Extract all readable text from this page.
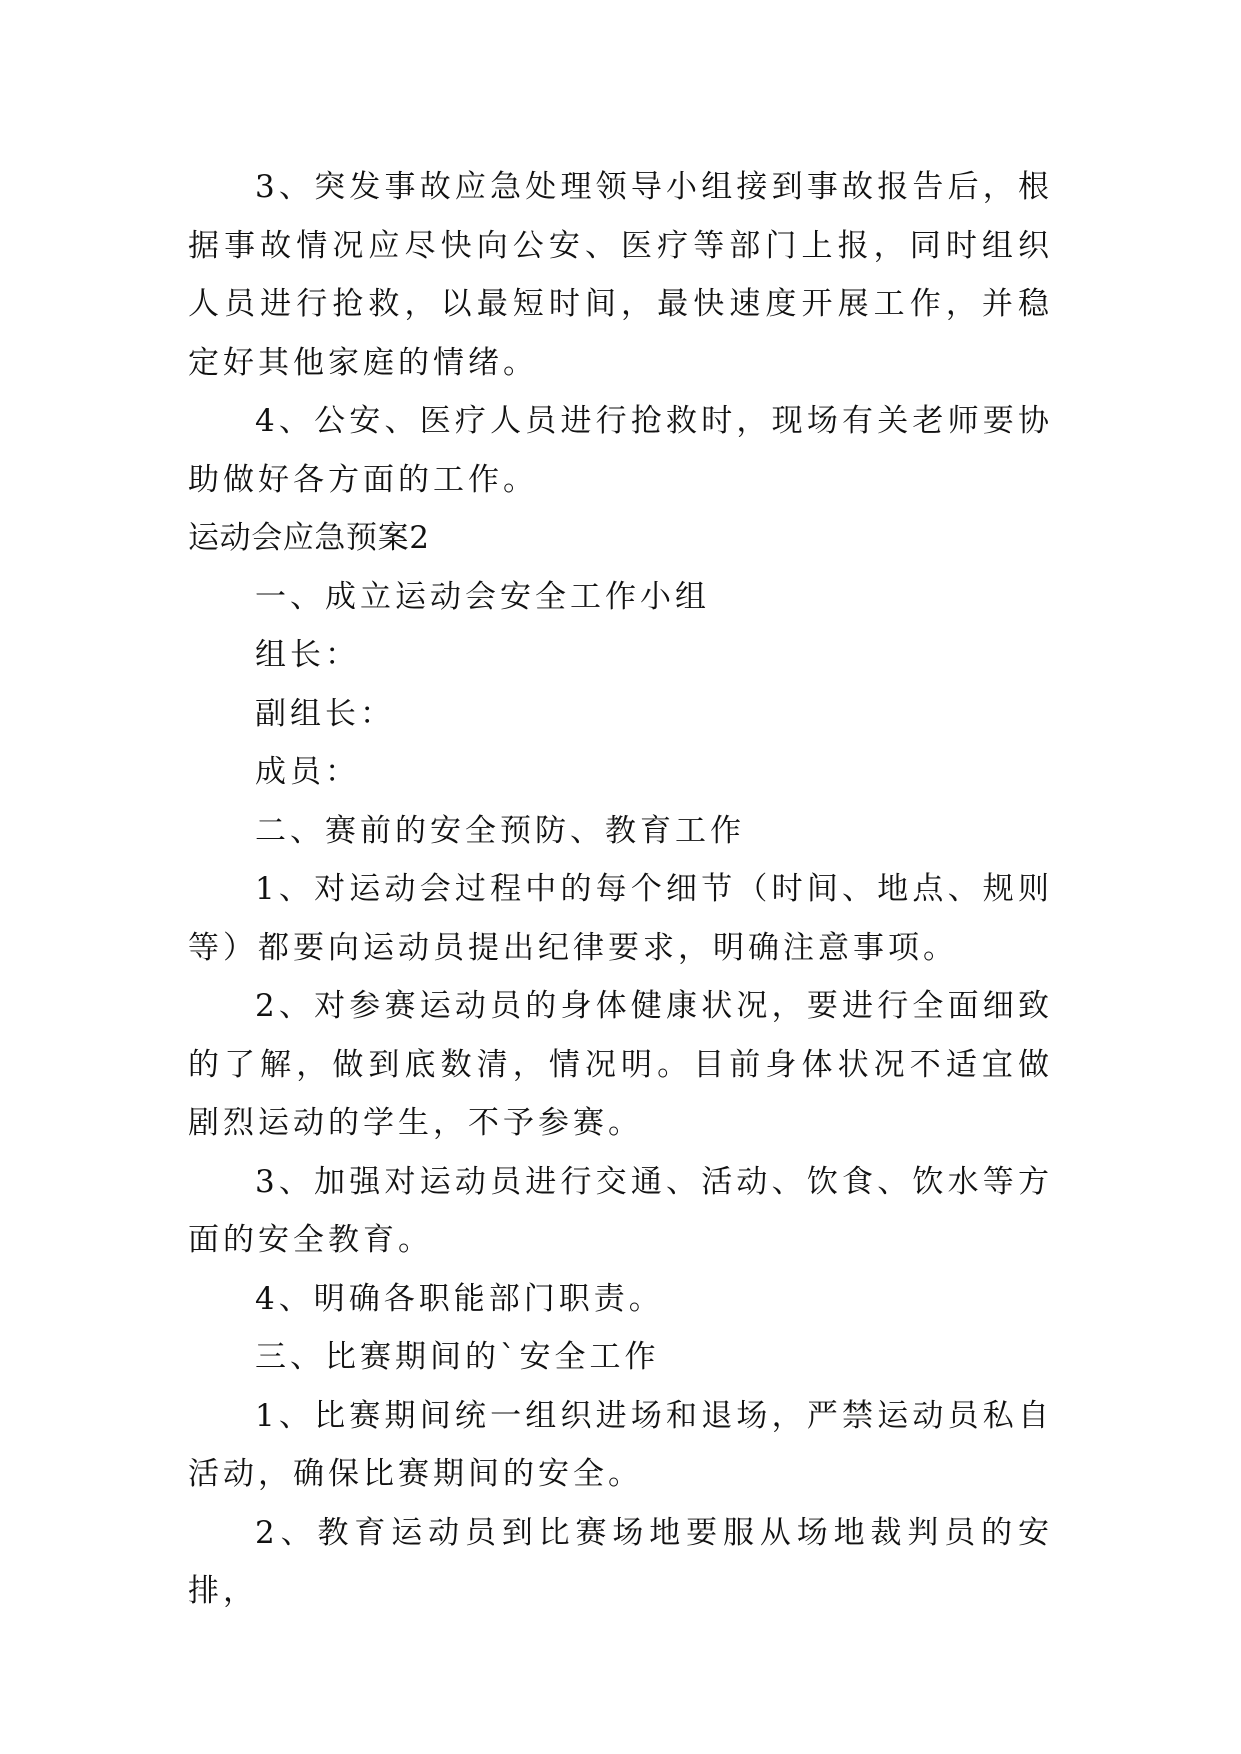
3、突发事故应急处理领导小组接到事故报告后，根据事故情况应尽快向公安、医疗等部门上报，同时组织人员进行抢救，以最短时间，最快速度开展工作，并稳定好其他家庭的情绪。

4、公安、医疗人员进行抢救时，现场有关老师要协助做好各方面的工作。

运动会应急预案2

一、成立运动会安全工作小组

组长：

副组长：

成员：

二、赛前的安全预防、教育工作

1、对运动会过程中的每个细节（时间、地点、规则等）都要向运动员提出纪律要求，明确注意事项。

2、对参赛运动员的身体健康状况，要进行全面细致的了解，做到底数清，情况明。目前身体状况不适宜做剧烈运动的学生，不予参赛。

3、加强对运动员进行交通、活动、饮食、饮水等方面的安全教育。

4、明确各职能部门职责。

三、比赛期间的`安全工作

1、比赛期间统一组织进场和退场，严禁运动员私自活动，确保比赛期间的安全。

2、教育运动员到比赛场地要服从场地裁判员的安排，
